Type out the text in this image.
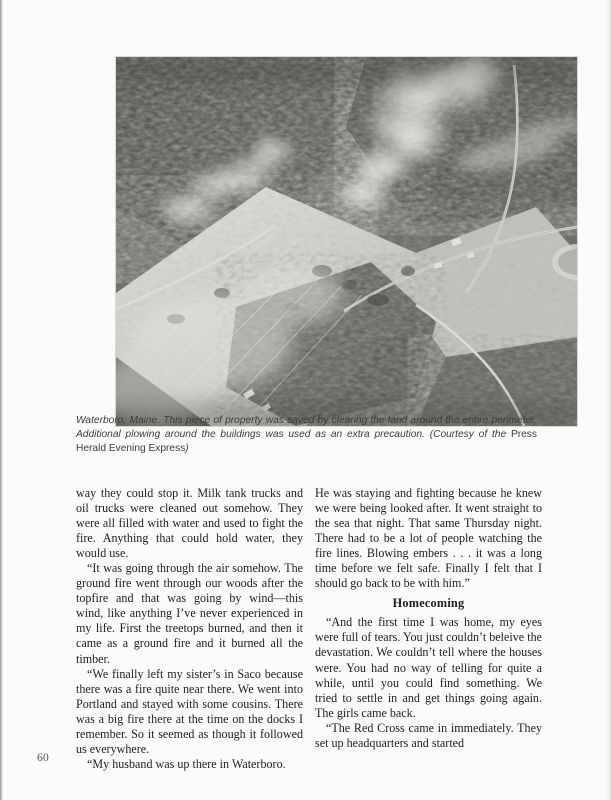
Waterboro, Maine. This piece of property was saved by clearing the land around the entire perimeter. Additional plowing around the buildings was used as an extra precaution. (Courtesy of the Press Herald Evening Express)

way they could stop it. Milk tank trucks and oil trucks were cleaned out somehow. They were all filled with water and used to fight the fire. Anything that could hold water, they would use.

“It was going through the air somehow. The ground fire went through our woods after the topfire and that was going by wind—this wind, like anything I’ve never experienced in my life. First the treetops burned, and then it came as a ground fire and it burned all the timber.

“We finally left my sister’s in Saco because there was a fire quite near there. We went into Portland and stayed with some cousins. There was a big fire there at the time on the docks I remember. So it seemed as though it followed us everywhere.

“My husband was up there in Waterboro.

He was staying and fighting because he knew we were being looked after. It went straight to the sea that night. That same Thursday night. There had to be a lot of people watching the fire lines. Blowing embers . . . it was a long time before we felt safe. Finally I felt that I should go back to be with him.”

Homecoming

“And the first time I was home, my eyes were full of tears. You just couldn’t beleive the devastation. We couldn’t tell where the houses were. You had no way of telling for quite a while, until you could find something. We tried to settle in and get things going again. The girls came back.

“The Red Cross came in immediately. They set up headquarters and started

60
